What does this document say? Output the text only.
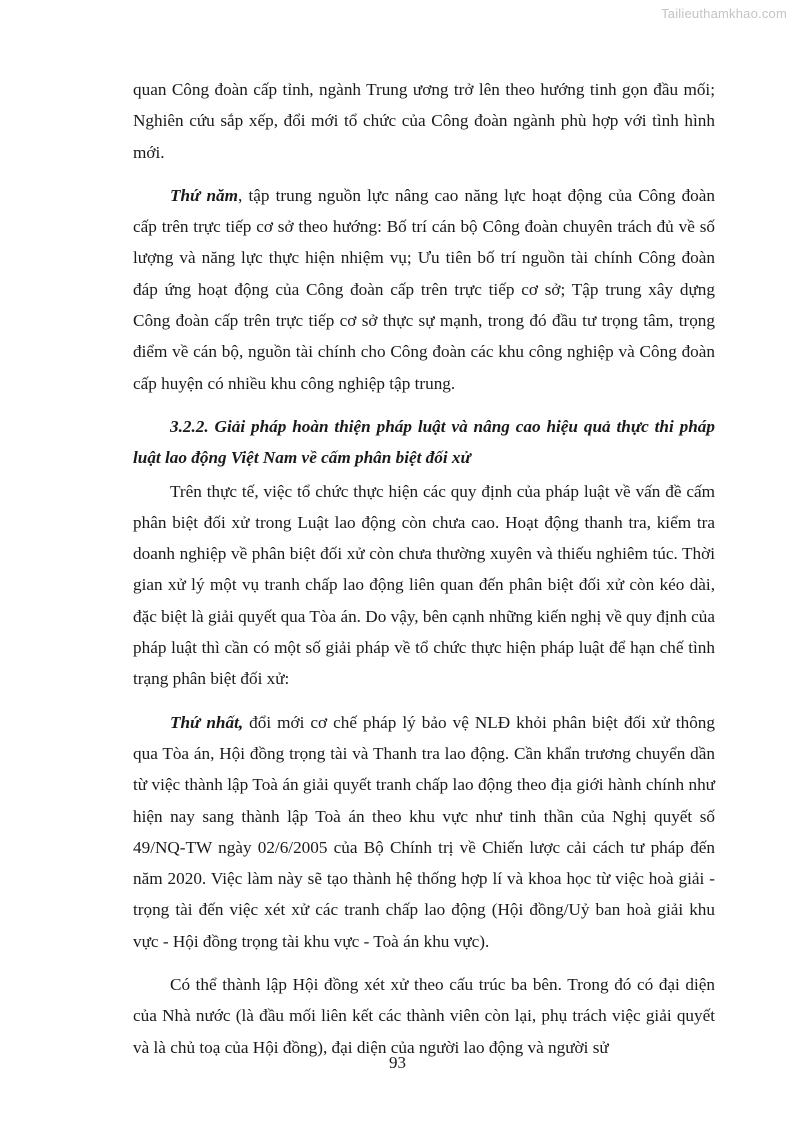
Tailieuthamkhao.com

quan Công đoàn cấp tỉnh, ngành Trung ương trở lên theo hướng tinh gọn đầu mối; Nghiên cứu sắp xếp, đổi mới tổ chức của Công đoàn ngành phù hợp với tình hình mới.

Thứ năm, tập trung nguồn lực nâng cao năng lực hoạt động của Công đoàn cấp trên trực tiếp cơ sở theo hướng: Bố trí cán bộ Công đoàn chuyên trách đủ về số lượng và năng lực thực hiện nhiệm vụ; Ưu tiên bố trí nguồn tài chính Công đoàn đáp ứng hoạt động của Công đoàn cấp trên trực tiếp cơ sở; Tập trung xây dựng Công đoàn cấp trên trực tiếp cơ sở thực sự mạnh, trong đó đầu tư trọng tâm, trọng điểm về cán bộ, nguồn tài chính cho Công đoàn các khu công nghiệp và Công đoàn cấp huyện có nhiều khu công nghiệp tập trung.

3.2.2. Giải pháp hoàn thiện pháp luật và nâng cao hiệu quả thực thi pháp luật lao động Việt Nam về cấm phân biệt đối xử

Trên thực tế, việc tổ chức thực hiện các quy định của pháp luật về vấn đề cấm phân biệt đối xử trong Luật lao động còn chưa cao. Hoạt động thanh tra, kiểm tra doanh nghiệp về phân biệt đối xử còn chưa thường xuyên và thiếu nghiêm túc. Thời gian xử lý một vụ tranh chấp lao động liên quan đến phân biệt đối xử còn kéo dài, đặc biệt là giải quyết qua Tòa án. Do vậy, bên cạnh những kiến nghị về quy định của pháp luật thì cần có một số giải pháp về tổ chức thực hiện pháp luật để hạn chế tình trạng phân biệt đối xử:

Thứ nhất, đổi mới cơ chế pháp lý bảo vệ NLĐ khỏi phân biệt đối xử thông qua Tòa án, Hội đồng trọng tài và Thanh tra lao động. Cần khẩn trương chuyển dần từ việc thành lập Toà án giải quyết tranh chấp lao động theo địa giới hành chính như hiện nay sang thành lập Toà án theo khu vực như tinh thần của Nghị quyết số 49/NQ-TW ngày 02/6/2005 của Bộ Chính trị về Chiến lược cải cách tư pháp đến năm 2020. Việc làm này sẽ tạo thành hệ thống hợp lí và khoa học từ việc hoà giải - trọng tài đến việc xét xử các tranh chấp lao động (Hội đồng/Uỷ ban hoà giải khu vực - Hội đồng trọng tài khu vực - Toà án khu vực).

Có thể thành lập Hội đồng xét xử theo cấu trúc ba bên. Trong đó có đại diện của Nhà nước (là đầu mối liên kết các thành viên còn lại, phụ trách việc giải quyết và là chủ toạ của Hội đồng), đại diện của người lao động và người sử

93
